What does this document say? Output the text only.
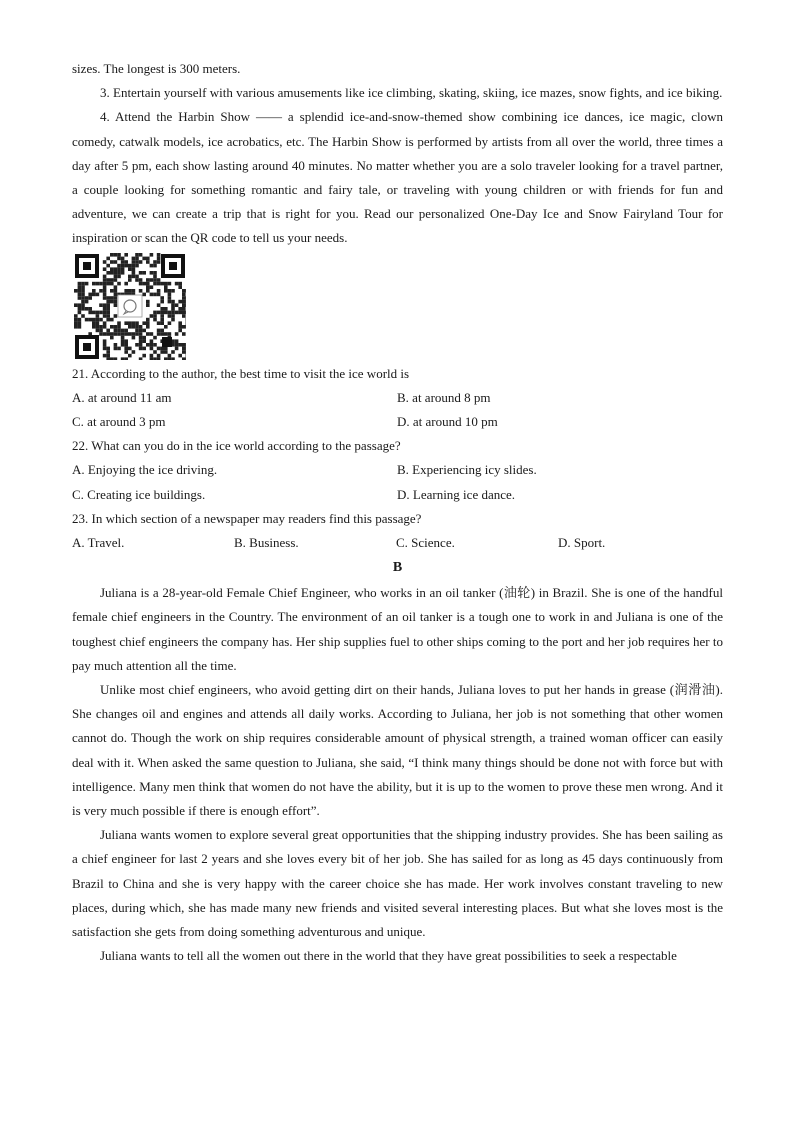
sizes. The longest is 300 meters.

3. Entertain yourself with various amusements like ice climbing, skating, skiing, ice mazes, snow fights, and ice biking.

4. Attend the Harbin Show —— a splendid ice-and-snow-themed show combining ice dances, ice magic, clown comedy, catwalk models, ice acrobatics, etc. The Harbin Show is performed by artists from all over the world, three times a day after 5 pm, each show lasting around 40 minutes. No matter whether you are a solo traveler looking for a travel partner, a couple looking for something romantic and fairy tale, or traveling with young children or with friends for fun and adventure, we can create a trip that is right for you. Read our personalized One-Day Ice and Snow Fairyland Tour for inspiration or scan the QR code to tell us your needs.

21. According to the author, the best time to visit the ice world is

A. at around 11 am	B. at around 8 pm
C. at around 3 pm	D. at around 10 pm

22. What can you do in the ice world according to the passage?

A. Enjoying the ice driving.	B. Experiencing icy slides.
C. Creating ice buildings.	D. Learning ice dance.

23. In which section of a newspaper may readers find this passage?

A. Travel.	B. Business.	C. Science.	D. Sport.
B

Juliana is a 28-year-old Female Chief Engineer, who works in an oil tanker (油轮) in Brazil. She is one of the handful female chief engineers in the Country. The environment of an oil tanker is a tough one to work in and Juliana is one of the toughest chief engineers the company has. Her ship supplies fuel to other ships coming to the port and her job requires her to pay much attention all the time.

Unlike most chief engineers, who avoid getting dirt on their hands, Juliana loves to put her hands in grease (润滑油). She changes oil and engines and attends all daily works. According to Juliana, her job is not something that other women cannot do. Though the work on ship requires considerable amount of physical strength, a trained woman officer can easily deal with it. When asked the same question to Juliana, she said, “I think many things should be done not with force but with intelligence. Many men think that women do not have the ability, but it is up to the women to prove these men wrong. And it is very much possible if there is enough effort”.

Juliana wants women to explore several great opportunities that the shipping industry provides. She has been sailing as a chief engineer for last 2 years and she loves every bit of her job. She has sailed for as long as 45 days continuously from Brazil to China and she is very happy with the career choice she has made. Her work involves constant traveling to new places, during which, she has made many new friends and visited several interesting places. But what she loves most is the satisfaction she gets from doing something adventurous and unique.

Juliana wants to tell all the women out there in the world that they have great possibilities to seek a respectable
